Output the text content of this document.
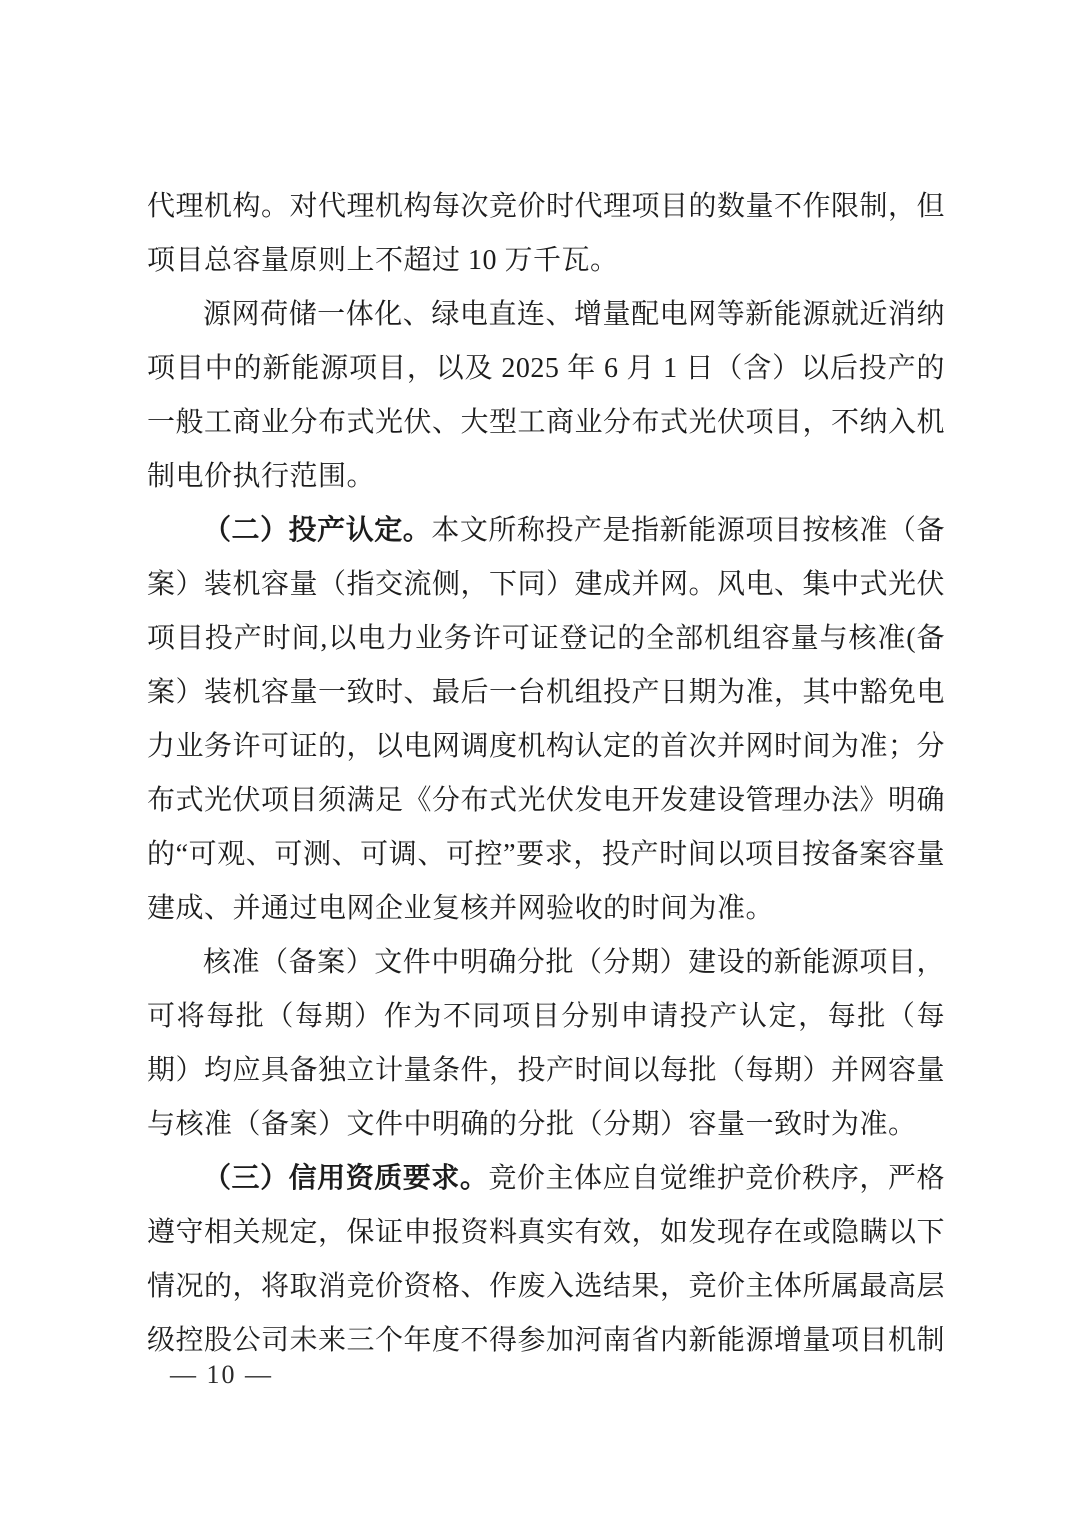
代理机构。对代理机构每次竞价时代理项目的数量不作限制，但项目总容量原则上不超过 10 万千瓦。

源网荷储一体化、绿电直连、增量配电网等新能源就近消纳项目中的新能源项目，以及 2025 年 6 月 1 日（含）以后投产的一般工商业分布式光伏、大型工商业分布式光伏项目，不纳入机制电价执行范围。

（二）投产认定。本文所称投产是指新能源项目按核准（备案）装机容量（指交流侧，下同）建成并网。风电、集中式光伏项目投产时间,以电力业务许可证登记的全部机组容量与核准(备案）装机容量一致时、最后一台机组投产日期为准，其中豁免电力业务许可证的，以电网调度机构认定的首次并网时间为准；分布式光伏项目须满足《分布式光伏发电开发建设管理办法》明确的“可观、可测、可调、可控”要求，投产时间以项目按备案容量建成、并通过电网企业复核并网验收的时间为准。

核准（备案）文件中明确分批（分期）建设的新能源项目，可将每批（每期）作为不同项目分别申请投产认定，每批（每期）均应具备独立计量条件，投产时间以每批（每期）并网容量与核准（备案）文件中明确的分批（分期）容量一致时为准。

（三）信用资质要求。竞价主体应自觉维护竞价秩序，严格遵守相关规定，保证申报资料真实有效，如发现存在或隐瞒以下情况的，将取消竞价资格、作废入选结果，竞价主体所属最高层级控股公司未来三个年度不得参加河南省内新能源增量项目机制

— 10 —
